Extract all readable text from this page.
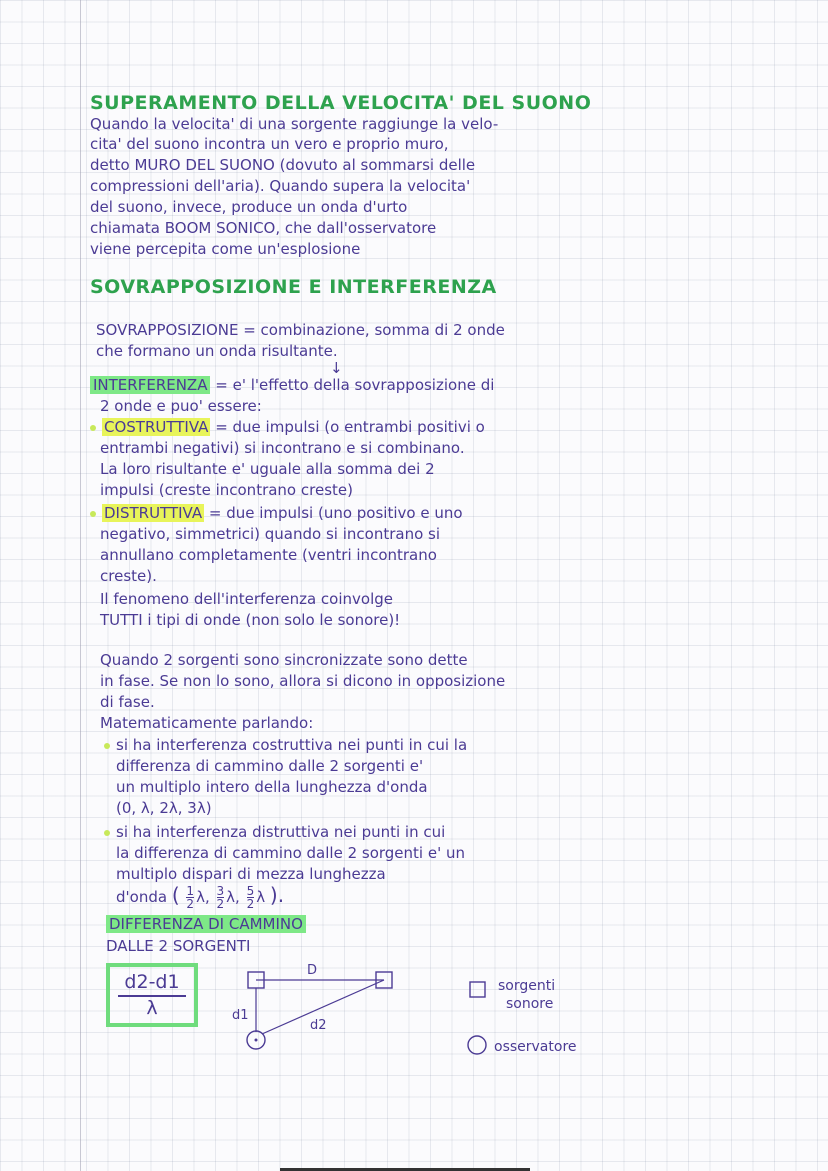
SUPERAMENTO DELLA VELOCITA' DEL SUONO
Quando la velocita' di una sorgente raggiunge la velo-
cita' del suono incontra un vero e proprio muro,
detto MURO DEL SUONO (dovuto al sommarsi delle
compressioni dell'aria). Quando supera la velocita'
del suono, invece, produce un onda d'urto
chiamata BOOM SONICO, che dall'osservatore
viene percepita come un'esplosione
SOVRAPPOSIZIONE E INTERFERENZA
SOVRAPPOSIZIONE = combinazione, somma di 2 onde
che formano un onda risultante.
↓
INTERFERENZA = e' l'effetto della sovrapposizione di
2 onde e puo' essere:
COSTRUTTIVA = due impulsi (o entrambi positivi o
entrambi negativi) si incontrano e si combinano.
La loro risultante e' uguale alla somma dei 2
impulsi (creste incontrano creste)
DISTRUTTIVA = due impulsi (uno positivo e uno
negativo, simmetrici) quando si incontrano si
annullano completamente (ventri incontrano
creste).
Il fenomeno dell'interferenza coinvolge
TUTTI i tipi di onde (non solo le sonore)!
Quando 2 sorgenti sono sincronizzate sono dette
in fase. Se non lo sono, allora si dicono in opposizione
di fase.
Matematicamente parlando:
si ha interferenza costruttiva nei punti in cui la
differenza di cammino dalle 2 sorgenti e'
un multiplo intero della lunghezza d'onda
(0, λ, 2λ, 3λ)
si ha interferenza distruttiva nei punti in cui
la differenza di cammino dalle 2 sorgenti e' un
multiplo dispari di mezza lunghezza
d'onda ( $\frac{1}{2} \lambda$, $\frac{3}{2} \lambda$, $\frac{5}{2}$ λ ).
DIFFERENZA DI CAMMINO
DALLE 2 SORGENTI
$\frac{d2-d1}{\lambda}$	D
d1
d2
sorgenti
sonore
osservatore
